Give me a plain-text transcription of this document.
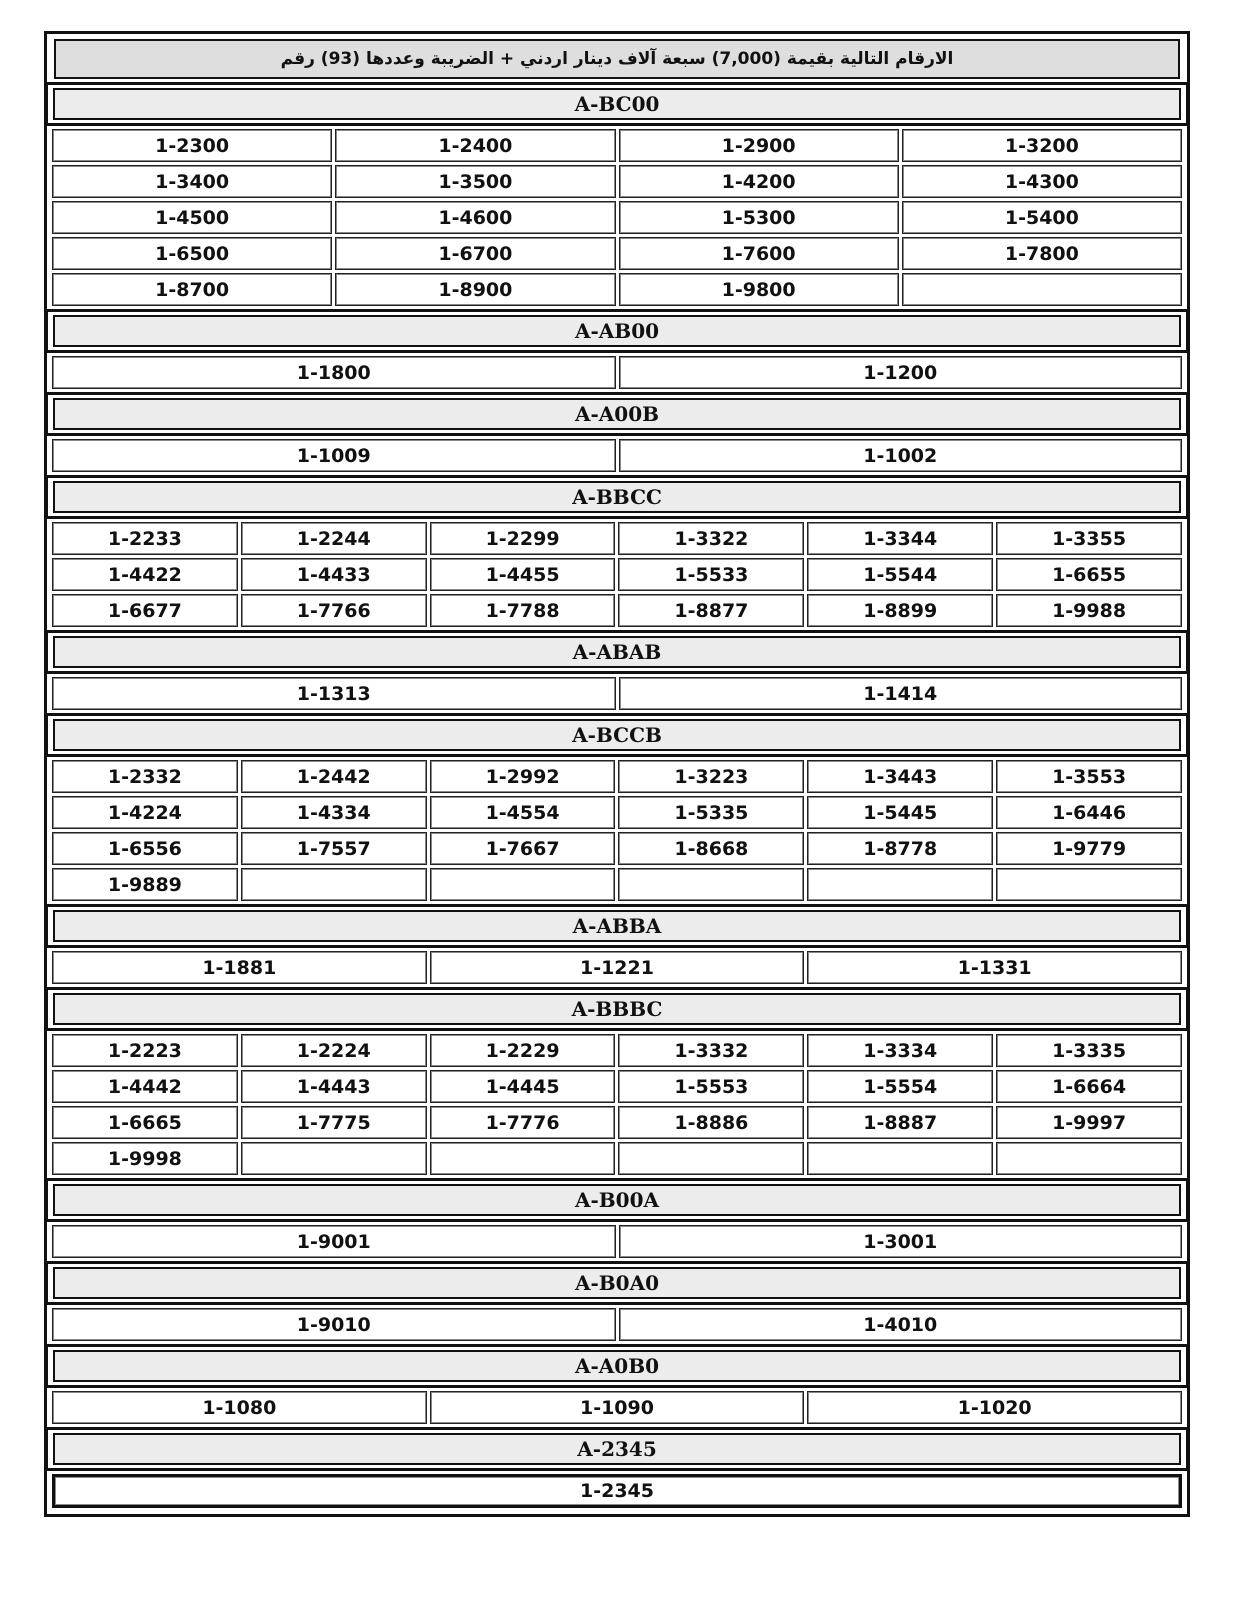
الارقام التالية بقيمة (7,000) سبعة آلاف دينار اردني + الضريبة وعددها (93) رقم
A-BC00
1-2300	1-2400	1-2900	1-3200
1-3400	1-3500	1-4200	1-4300
1-4500	1-4600	1-5300	1-5400
1-6500	1-6700	1-7600	1-7800
1-8700	1-8900	1-9800
A-AB00
1-1800	1-1200
A-A00B
1-1009	1-1002
A-BBCC
1-2233	1-2244	1-2299	1-3322	1-3344	1-3355
1-4422	1-4433	1-4455	1-5533	1-5544	1-6655
1-6677	1-7766	1-7788	1-8877	1-8899	1-9988
A-ABAB
1-1313	1-1414
A-BCCB
1-2332	1-2442	1-2992	1-3223	1-3443	1-3553
1-4224	1-4334	1-4554	1-5335	1-5445	1-6446
1-6556	1-7557	1-7667	1-8668	1-8778	1-9779
1-9889
A-ABBA
1-1881	1-1221	1-1331
A-BBBC
1-2223	1-2224	1-2229	1-3332	1-3334	1-3335
1-4442	1-4443	1-4445	1-5553	1-5554	1-6664
1-6665	1-7775	1-7776	1-8886	1-8887	1-9997
1-9998
A-B00A
1-9001	1-3001
A-B0A0
1-9010	1-4010
A-A0B0
1-1080	1-1090	1-1020
A-2345
1-2345
